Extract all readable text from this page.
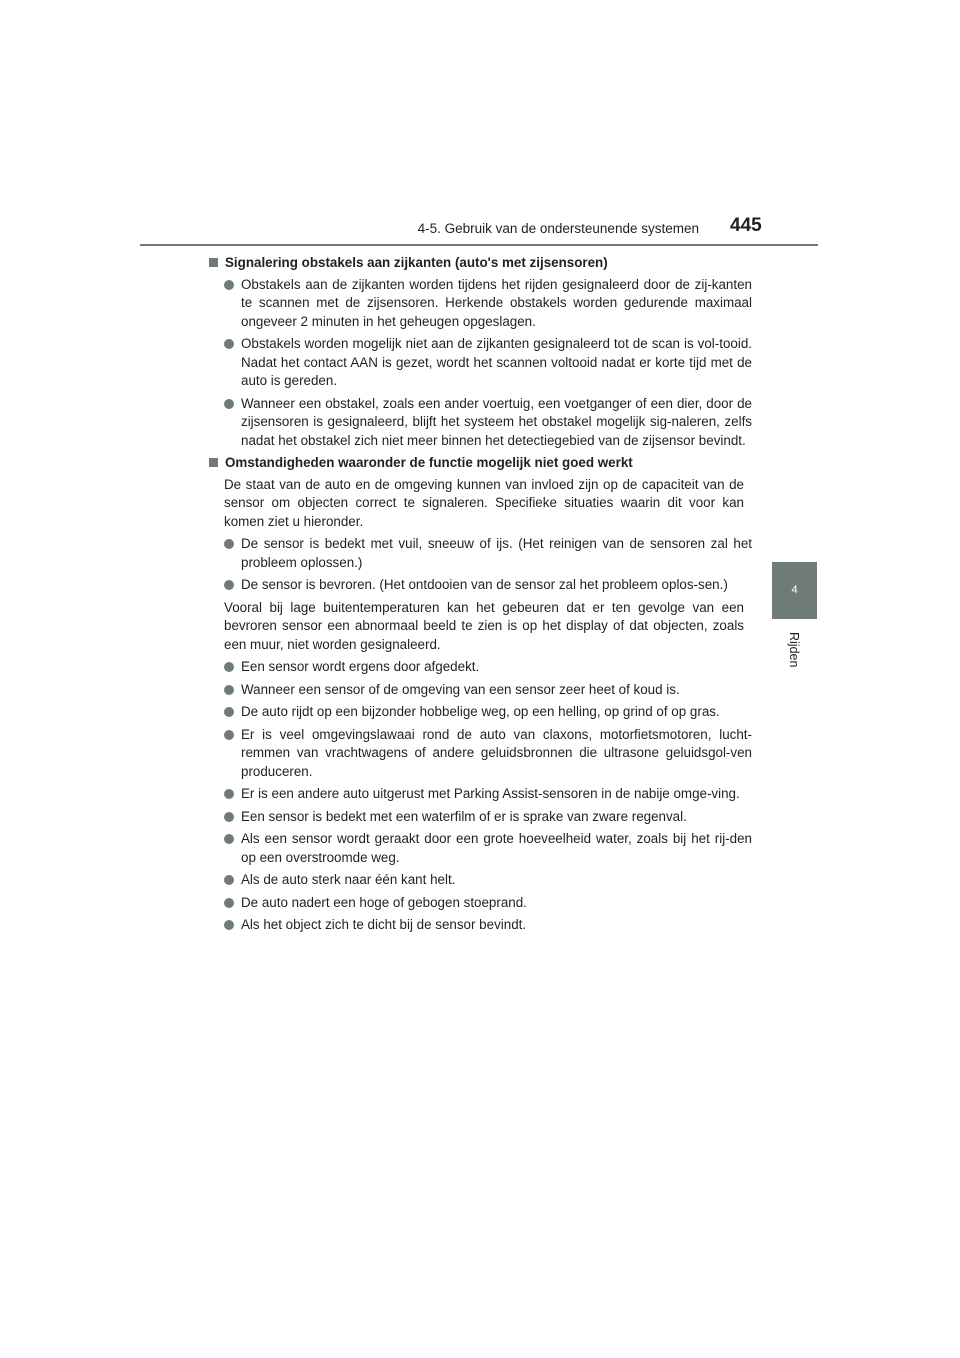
4-5. Gebruik van de ondersteunende systemen 445
4
Rijden
Signalering obstakels aan zijkanten (auto's met zijsensoren)
Obstakels aan de zijkanten worden tijdens het rijden gesignaleerd door de zij-kanten te scannen met de zijsensoren. Herkende obstakels worden gedurende maximaal ongeveer 2 minuten in het geheugen opgeslagen.
Obstakels worden mogelijk niet aan de zijkanten gesignaleerd tot de scan is vol-tooid. Nadat het contact AAN is gezet, wordt het scannen voltooid nadat er korte tijd met de auto is gereden.
Wanneer een obstakel, zoals een ander voertuig, een voetganger of een dier, door de zijsensoren is gesignaleerd, blijft het systeem het obstakel mogelijk sig-naleren, zelfs nadat het obstakel zich niet meer binnen het detectiegebied van de zijsensor bevindt.
Omstandigheden waaronder de functie mogelijk niet goed werkt
De staat van de auto en de omgeving kunnen van invloed zijn op de capaciteit van de sensor om objecten correct te signaleren. Specifieke situaties waarin dit voor kan komen ziet u hieronder.
De sensor is bedekt met vuil, sneeuw of ijs. (Het reinigen van de sensoren zal het probleem oplossen.)
De sensor is bevroren. (Het ontdooien van de sensor zal het probleem oplos-sen.)
Vooral bij lage buitentemperaturen kan het gebeuren dat er ten gevolge van een bevroren sensor een abnormaal beeld te zien is op het display of dat objecten, zoals een muur, niet worden gesignaleerd.
Een sensor wordt ergens door afgedekt.
Wanneer een sensor of de omgeving van een sensor zeer heet of koud is.
De auto rijdt op een bijzonder hobbelige weg, op een helling, op grind of op gras.
Er is veel omgevingslawaai rond de auto van claxons, motorfietsmotoren, lucht-remmen van vrachtwagens of andere geluidsbronnen die ultrasone geluidsgol-ven produceren.
Er is een andere auto uitgerust met Parking Assist-sensoren in de nabije omge-ving.
Een sensor is bedekt met een waterfilm of er is sprake van zware regenval.
Als een sensor wordt geraakt door een grote hoeveelheid water, zoals bij het rij-den op een overstroomde weg.
Als de auto sterk naar één kant helt.
De auto nadert een hoge of gebogen stoeprand.
Als het object zich te dicht bij de sensor bevindt.
